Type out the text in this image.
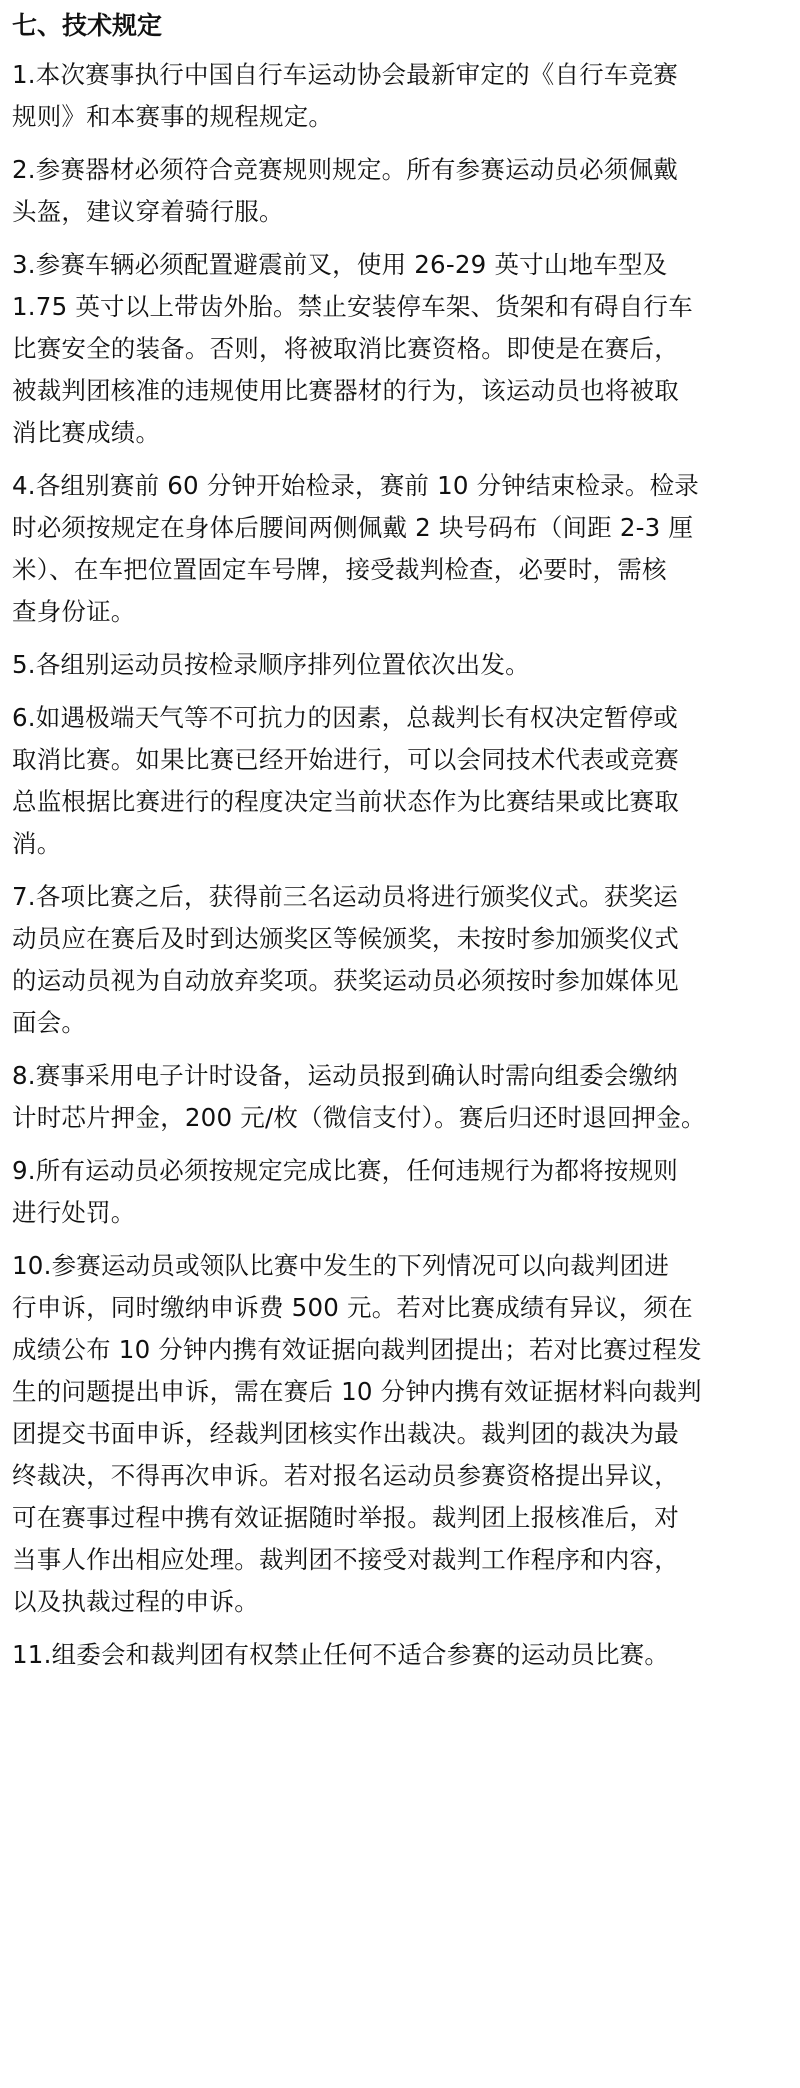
七、技术规定
1.本次赛事执行中国自行车运动协会最新审定的《自行车竞赛
规则》和本赛事的规程规定。
2.参赛器材必须符合竞赛规则规定。所有参赛运动员必须佩戴
头盔，建议穿着骑行服。
3.参赛车辆必须配置避震前叉，使用 26-29 英寸山地车型及
1.75 英寸以上带齿外胎。禁止安装停车架、货架和有碍自行车
比赛安全的装备。否则，将被取消比赛资格。即使是在赛后，
被裁判团核准的违规使用比赛器材的行为，该运动员也将被取
消比赛成绩。
4.各组别赛前 60 分钟开始检录，赛前 10 分钟结束检录。检录
时必须按规定在身体后腰间两侧佩戴 2 块号码布（间距 2-3 厘
米）、在车把位置固定车号牌，接受裁判检查，必要时，需核
查身份证。
5.各组别运动员按检录顺序排列位置依次出发。
6.如遇极端天气等不可抗力的因素，总裁判长有权决定暂停或
取消比赛。如果比赛已经开始进行，可以会同技术代表或竞赛
总监根据比赛进行的程度决定当前状态作为比赛结果或比赛取
消。
7.各项比赛之后，获得前三名运动员将进行颁奖仪式。获奖运
动员应在赛后及时到达颁奖区等候颁奖，未按时参加颁奖仪式
的运动员视为自动放弃奖项。获奖运动员必须按时参加媒体见
面会。
8.赛事采用电子计时设备，运动员报到确认时需向组委会缴纳
计时芯片押金，200 元/枚（微信支付）。赛后归还时退回押金。
9.所有运动员必须按规定完成比赛，任何违规行为都将按规则
进行处罚。
10.参赛运动员或领队比赛中发生的下列情况可以向裁判团进
行申诉，同时缴纳申诉费 500 元。若对比赛成绩有异议，须在
成绩公布 10 分钟内携有效证据向裁判团提出；若对比赛过程发
生的问题提出申诉，需在赛后 10 分钟内携有效证据材料向裁判
团提交书面申诉，经裁判团核实作出裁决。裁判团的裁决为最
终裁决，不得再次申诉。若对报名运动员参赛资格提出异议，
可在赛事过程中携有效证据随时举报。裁判团上报核准后，对
当事人作出相应处理。裁判团不接受对裁判工作程序和内容，
以及执裁过程的申诉。
11.组委会和裁判团有权禁止任何不适合参赛的运动员比赛。
